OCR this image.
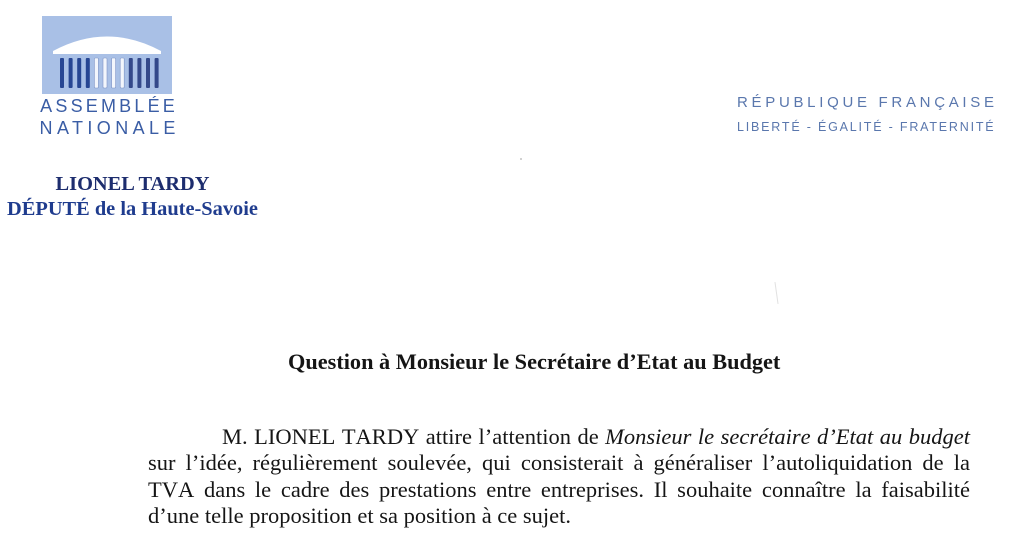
ASSEMBLÉE
NATIONALE
RÉPUBLIQUE FRANÇAISE
LIBERTÉ - ÉGALITÉ - FRATERNITÉ
LIONEL TARDY
DÉPUTÉ de la Haute-Savoie
Question à Monsieur le Secrétaire d’Etat au Budget

M. LIONEL TARDY attire l’attention de Monsieur le secrétaire d’Etat au budget sur l’idée, régulièrement soulevée, qui consisterait à généraliser l’autoliquidation de la TVA dans le cadre des prestations entre entreprises. Il souhaite connaître la faisabilité d’une telle proposition et sa position à ce sujet.
